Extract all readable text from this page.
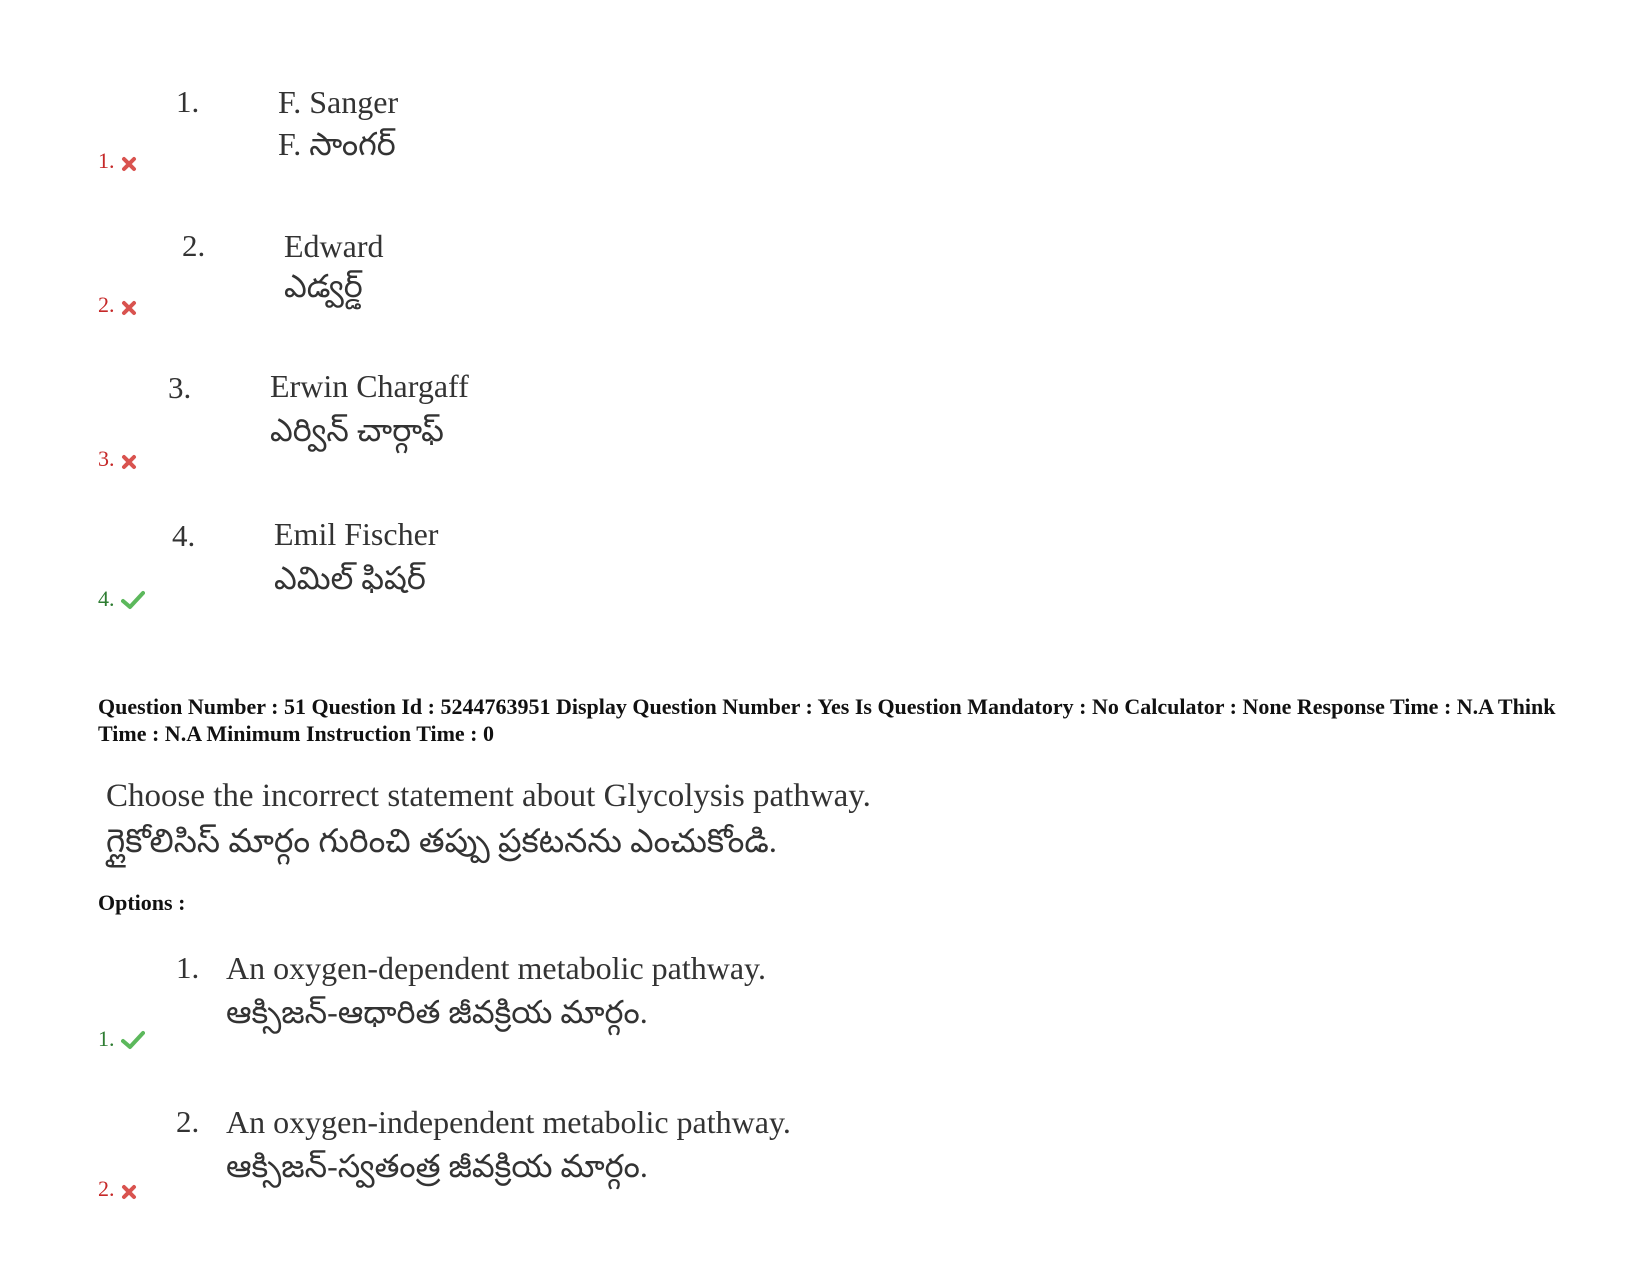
1. F. Sanger
F. సాంగర్
1.
2. Edward
ఎడ్వర్డ్
2.
3. Erwin Chargaff
ఎర్విన్ చార్గాఫ్
3.
4. Emil Fischer
ఎమిల్ ఫిషర్
4.
Question Number : 51 Question Id : 5244763951 Display Question Number : Yes Is Question Mandatory : No Calculator : None Response Time : N.A Think Time : N.A Minimum Instruction Time : 0
Choose the incorrect statement about Glycolysis pathway.
గ్లైకోలిసిస్ మార్గం గురించి తప్పు ప్రకటనను ఎంచుకోండి.
Options :
1. An oxygen-dependent metabolic pathway.
ఆక్సిజన్-ఆధారిత జీవక్రియ మార్గం.
1.
2. An oxygen-independent metabolic pathway.
ఆక్సిజన్-స్వతంత్ర జీవక్రియ మార్గం.
2.
